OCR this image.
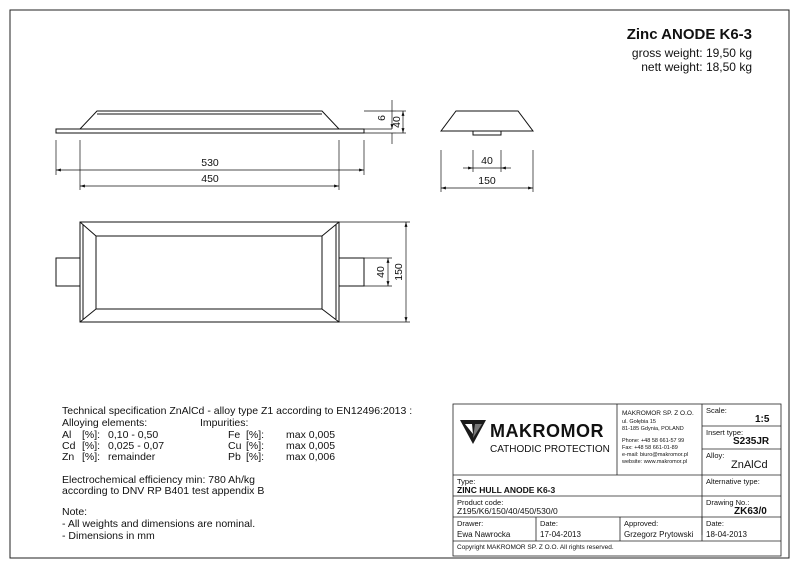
6 40
530
450
40
150
40 150
Zinc ANODE K6-3
gross weight: 19,50 kg
nett weight: 18,50 kg
Technical specification ZnAlCd - alloy type Z1 according to EN12496:2013 :
Alloying elements:	Impurities:
Al [%]: 0,10 - 0,50	Fe [%]: max 0,005
Cd [%]: 0,025 - 0,07	Cu [%]: max 0,005
Zn [%]: remainder	Pb [%]: max 0,006
Electrochemical efficiency min: 780 Ah/kg
according to DNV RP B401 test appendix B
Note:
- All weights and dimensions are nominal.
- Dimensions in mm
MAKROMOR
CATHODIC PROTECTION
MAKROMOR SP. Z O.O.
ul. Gołębia 15
81-185 Gdynia, POLAND
Phone: +48 58 661-57 99
Fax: +48 58 661-01-89
e-mail: biuro@makromor.pl
website: www.makromor.pl
Scale:
1:5
Insert type:
S235JR
Alloy:
ZnAlCd
Alternative type:
Drawing No.:
ZK63/0
Type:
ZINC HULL ANODE K6-3
Product code:
Z195/K6/150/40/450/530/0
Drawer:
Ewa Nawrocka
Date:
17-04-2013
Approved:
Grzegorz Prytowski
Date:
18-04-2013
Copyright MAKROMOR SP. Z O.O. All rights reserved.
